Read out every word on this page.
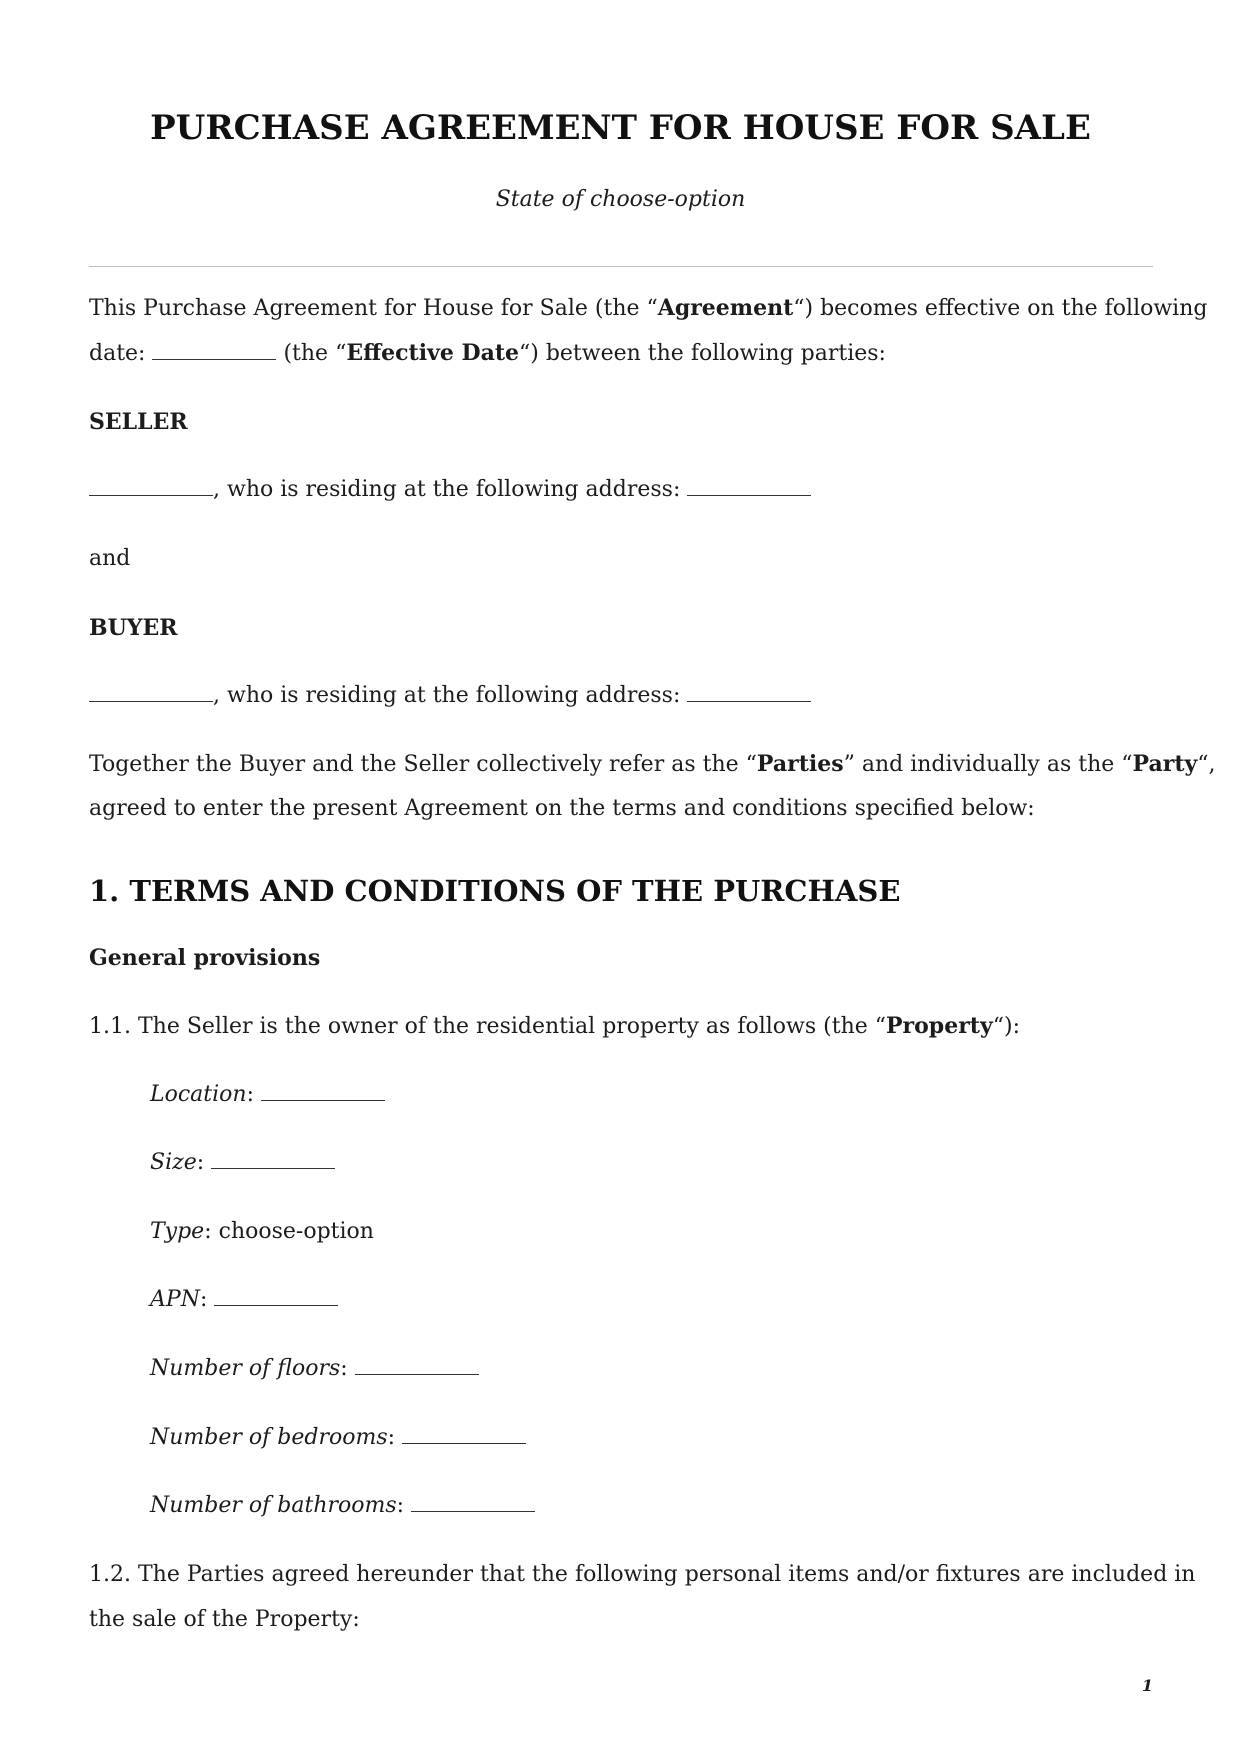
PURCHASE AGREEMENT FOR HOUSE FOR SALE
State of choose-option
This Purchase Agreement for House for Sale (the “Agreement“) becomes effective on the following
date:	(the “Effective Date“) between the following parties:
SELLER
, who is residing at the following address:
and
BUYER
, who is residing at the following address:
Together the Buyer and the Seller collectively refer as the “Parties” and individually as the “Party“,
agreed to enter the present Agreement on the terms and conditions specified below:
1. TERMS AND CONDITIONS OF THE PURCHASE
General provisions
1.1. The Seller is the owner of the residential property as follows (the “Property“):
Location:
Size:
Type: choose-option
APN:
Number of floors:
Number of bedrooms:
Number of bathrooms:
1.2. The Parties agreed hereunder that the following personal items and/or fixtures are included in
the sale of the Property:
1
